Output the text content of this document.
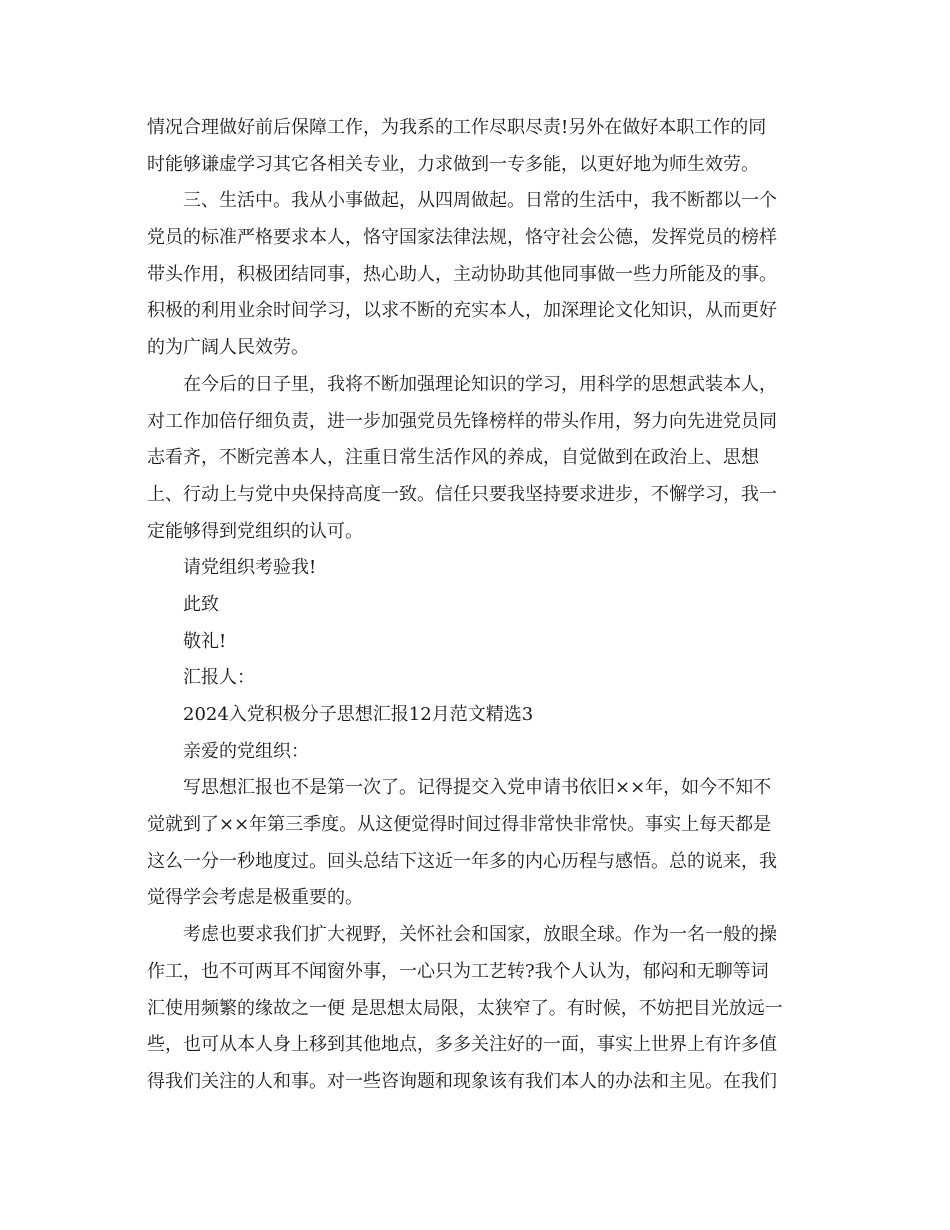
情况合理做好前后保障工作，为我系的工作尽职尽责!另外在做好本职工作的同
时能够谦虚学习其它各相关专业，力求做到一专多能，以更好地为师生效劳。
三、生活中。我从小事做起，从四周做起。日常的生活中，我不断都以一个
党员的标准严格要求本人，恪守国家法律法规，恪守社会公德，发挥党员的榜样
带头作用，积极团结同事，热心助人，主动协助其他同事做一些力所能及的事。
积极的利用业余时间学习，以求不断的充实本人，加深理论文化知识，从而更好
的为广阔人民效劳。
在今后的日子里，我将不断加强理论知识的学习，用科学的思想武装本人，
对工作加倍仔细负责，进一步加强党员先锋榜样的带头作用，努力向先进党员同
志看齐，不断完善本人，注重日常生活作风的养成，自觉做到在政治上、思想
上、行动上与党中央保持高度一致。信任只要我坚持要求进步，不懈学习，我一
定能够得到党组织的认可。
请党组织考验我!
此致
敬礼!
汇报人：
2024入党积极分子思想汇报12月范文精选3
亲爱的党组织：
写思想汇报也不是第一次了。记得提交入党申请书依旧××年，如今不知不
觉就到了××年第三季度。从这便觉得时间过得非常快非常快。事实上每天都是
这么一分一秒地度过。回头总结下这近一年多的内心历程与感悟。总的说来，我
觉得学会考虑是极重要的。
考虑也要求我们扩大视野，关怀社会和国家，放眼全球。作为一名一般的操
作工，也不可两耳不闻窗外事，一心只为工艺转?我个人认为，郁闷和无聊等词
汇使用频繁的缘故之一便 是思想太局限，太狭窄了。有时候，不妨把目光放远一
些，也可从本人身上移到其他地点，多多关注好的一面，事实上世界上有许多值
得我们关注的人和事。对一些咨询题和现象该有我们本人的办法和主见。在我们
